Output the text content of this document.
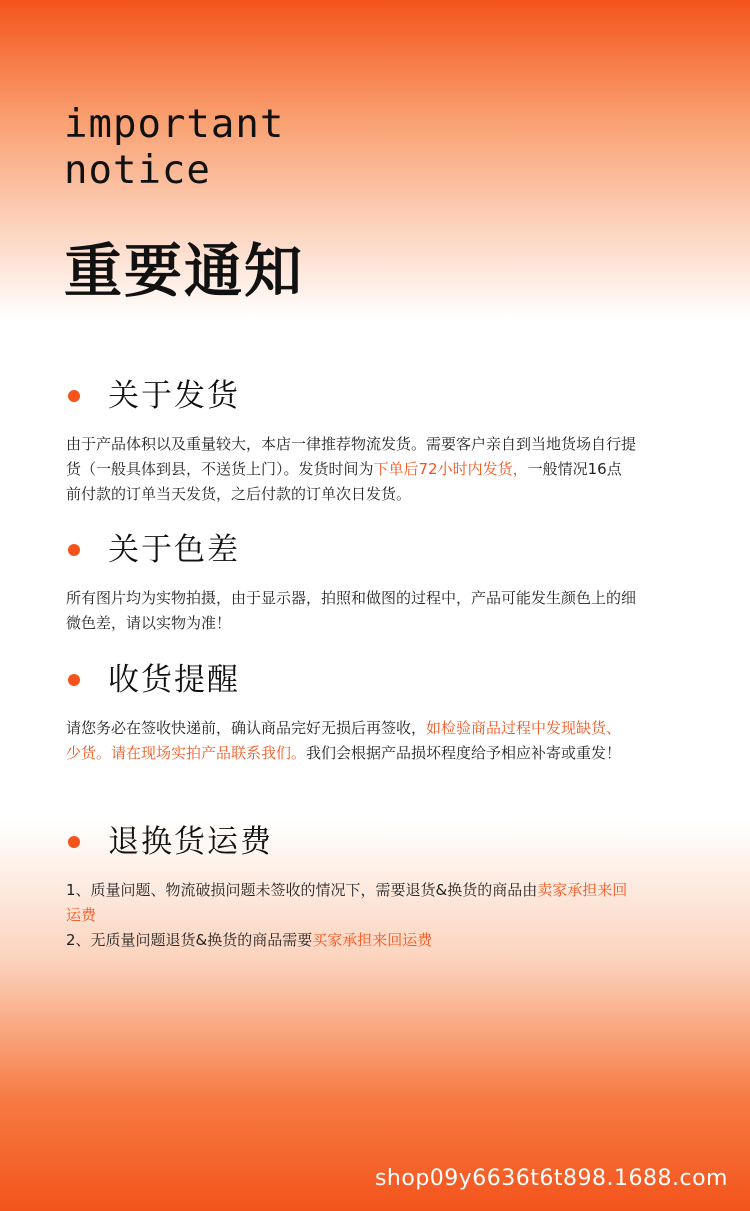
important
notice
重要通知
关于发货
由于产品体积以及重量较大，本店一律推荐物流发货。需要客户亲自到当地货场自行提货（一般具体到县，不送货上门）。发货时间为下单后72小时内发货，一般情况16点前付款的订单当天发货，之后付款的订单次日发货。
关于色差
所有图片均为实物拍摄，由于显示器，拍照和做图的过程中，产品可能发生颜色上的细微色差，请以实物为准！
收货提醒
请您务必在签收快递前，确认商品完好无损后再签收，如检验商品过程中发现缺货、少货。请在现场实拍产品联系我们。我们会根据产品损坏程度给予相应补寄或重发！
退换货运费
1、质量问题、物流破损问题未签收的情况下，需要退货&换货的商品由卖家承担来回运费
2、无质量问题退货&换货的商品需要买家承担来回运费
shop09y6636t6t898.1688.com
